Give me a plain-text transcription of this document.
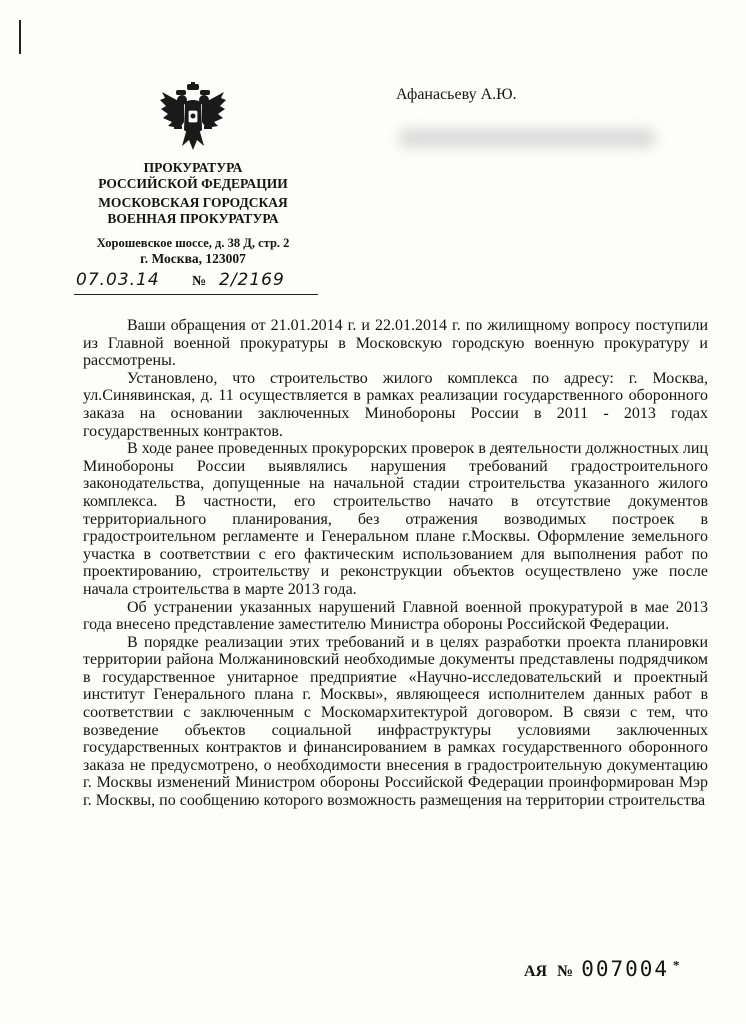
ПРОКУРАТУРА
РОССИЙСКОЙ ФЕДЕРАЦИИ
МОСКОВСКАЯ ГОРОДСКАЯ
ВОЕННАЯ ПРОКУРАТУРА
Хорошевское шоссе, д. 38 Д, стр. 2
г. Москва, 123007
07.03.14 № 2/2169
Афанасьеву А.Ю.

Ваши обращения от 21.01.2014 г. и 22.01.2014 г. по жилищному вопросу поступили из Главной военной прокуратуры в Московскую городскую военную прокуратуру и рассмотрены.

Установлено, что строительство жилого комплекса по адресу: г. Москва, ул.Синявинская, д. 11 осуществляется в рамках реализации государственного оборонного заказа на основании заключенных Минобороны России в 2011 - 2013 годах государственных контрактов.

В ходе ранее проведенных прокурорских проверок в деятельности должностных лиц Минобороны России выявлялись нарушения требований градостроительного законодательства, допущенные на начальной стадии строительства указанного жилого комплекса. В частности, его строительство начато в отсутствие документов территориального планирования, без отражения возводимых построек в градостроительном регламенте и Генеральном плане г.Москвы. Оформление земельного участка в соответствии с его фактическим использованием для выполнения работ по проектированию, строительству и реконструкции объектов осуществлено уже после начала строительства в марте 2013 года.

Об устранении указанных нарушений Главной военной прокуратурой в мае 2013 года внесено представление заместителю Министра обороны Российской Федерации.

В порядке реализации этих требований и в целях разработки проекта планировки территории района Молжаниновский необходимые документы представлены подрядчиком в государственное унитарное предприятие «Научно-исследовательский и проектный институт Генерального плана г. Москвы», являющееся исполнителем данных работ в соответствии с заключенным с Москомархитектурой договором. В связи с тем, что возведение объектов социальной инфраструктуры условиями заключенных государственных контрактов и финансированием в рамках государственного оборонного заказа не предусмотрено, о необходимости внесения в градостроительную документацию г. Москвы изменений Министром обороны Российской Федерации проинформирован Мэр г. Москвы, по сообщению которого возможность размещения на территории строительства

АЯ № 007004 *
